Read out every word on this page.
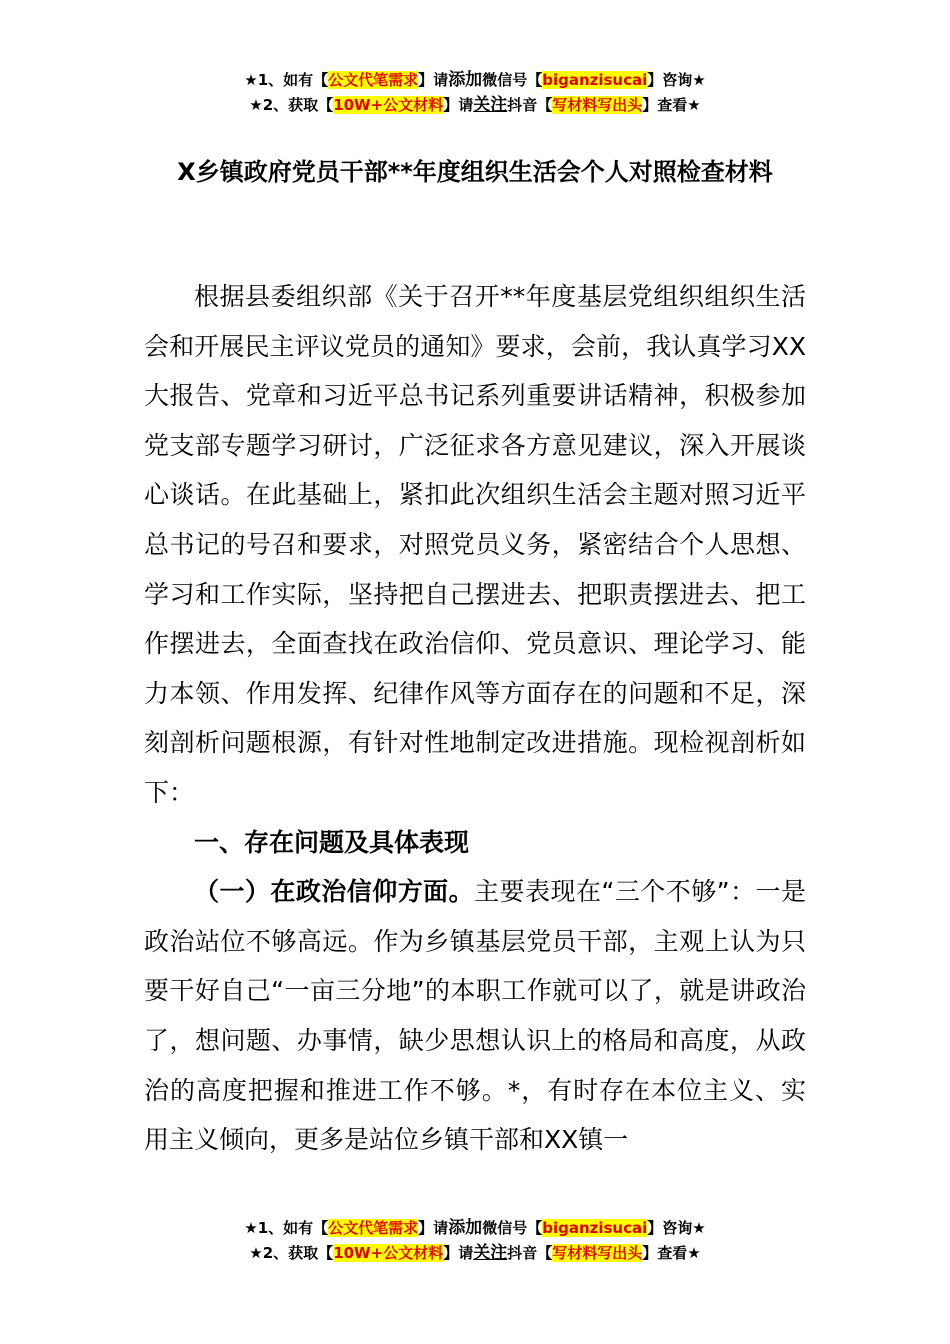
★1、如有【公文代笔需求】请添加微信号【biganzisucai】咨询★
★2、获取【10W+公文材料】请关注抖音【写材料写出头】查看★
X乡镇政府党员干部**年度组织生活会个人对照检查材料

根据县委组织部《关于召开**年度基层党组织组织生活会和开展民主评议党员的通知》要求，会前，我认真学习XX大报告、党章和习近平总书记系列重要讲话精神，积极参加党支部专题学习研讨，广泛征求各方意见建议，深入开展谈心谈话。在此基础上，紧扣此次组织生活会主题对照习近平总书记的号召和要求，对照党员义务，紧密结合个人思想、学习和工作实际，坚持把自己摆进去、把职责摆进去、把工作摆进去，全面查找在政治信仰、党员意识、理论学习、能力本领、作用发挥、纪律作风等方面存在的问题和不足，深刻剖析问题根源，有针对性地制定改进措施。现检视剖析如下：

一、存在问题及具体表现

（一）在政治信仰方面。主要表现在“三个不够”：一是政治站位不够高远。作为乡镇基层党员干部，主观上认为只要干好自己“一亩三分地”的本职工作就可以了，就是讲政治了，想问题、办事情，缺少思想认识上的格局和高度，从政治的高度把握和推进工作不够。*，有时存在本位主义、实用主义倾向，更多是站位乡镇干部和XX镇一

★1、如有【公文代笔需求】请添加微信号【biganzisucai】咨询★
★2、获取【10W+公文材料】请关注抖音【写材料写出头】查看★
